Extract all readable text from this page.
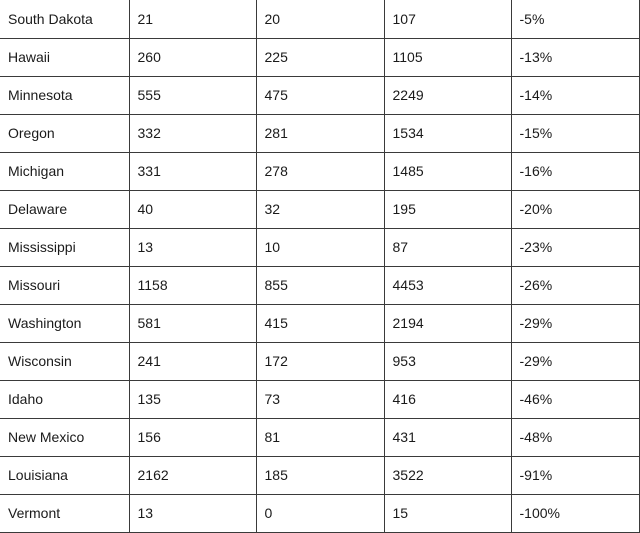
South Dakota	21	20	107	-5%
Hawaii	260	225	1105	-13%
Minnesota	555	475	2249	-14%
Oregon	332	281	1534	-15%
Michigan	331	278	1485	-16%
Delaware	40	32	195	-20%
Mississippi	13	10	87	-23%
Missouri	1158	855	4453	-26%
Washington	581	415	2194	-29%
Wisconsin	241	172	953	-29%
Idaho	135	73	416	-46%
New Mexico	156	81	431	-48%
Louisiana	2162	185	3522	-91%
Vermont	13	0	15	-100%
